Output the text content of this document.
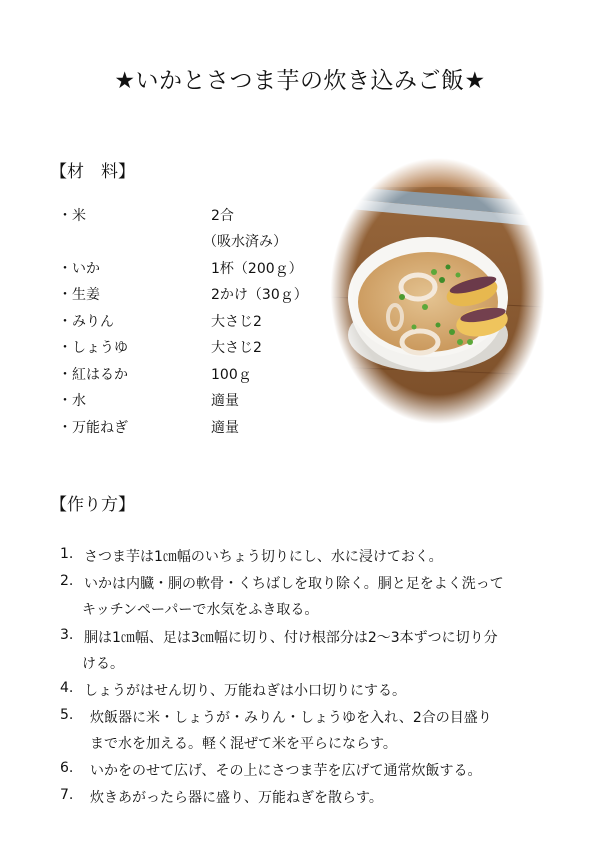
★いかとさつま芋の炊き込みご飯★
【材　料】
・米	2合
（吸水済み）
・いか	1杯（200ｇ）
・生姜	2かけ（30ｇ）
・みりん	大さじ2
・しょうゆ	大さじ2
・紅はるか	100ｇ
・水	適量
・万能ねぎ	適量
【作り方】
1. さつま芋は1㎝幅のいちょう切りにし、水に浸けておく。
2. いかは内臓・胴の軟骨・くちばしを取り除く。胴と足をよく洗って
キッチンペーパーで水気をふき取る。
3. 胴は1㎝幅、足は3㎝幅に切り、付け根部分は2～3本ずつに切り分
ける。
4. しょうがはせん切り、万能ねぎは小口切りにする。
5. 炊飯器に米・しょうが・みりん・しょうゆを入れ、2合の目盛り
まで水を加える。軽く混ぜて米を平らにならす。
6. いかをのせて広げ、その上にさつま芋を広げて通常炊飯する。
7. 炊きあがったら器に盛り、万能ねぎを散らす。
